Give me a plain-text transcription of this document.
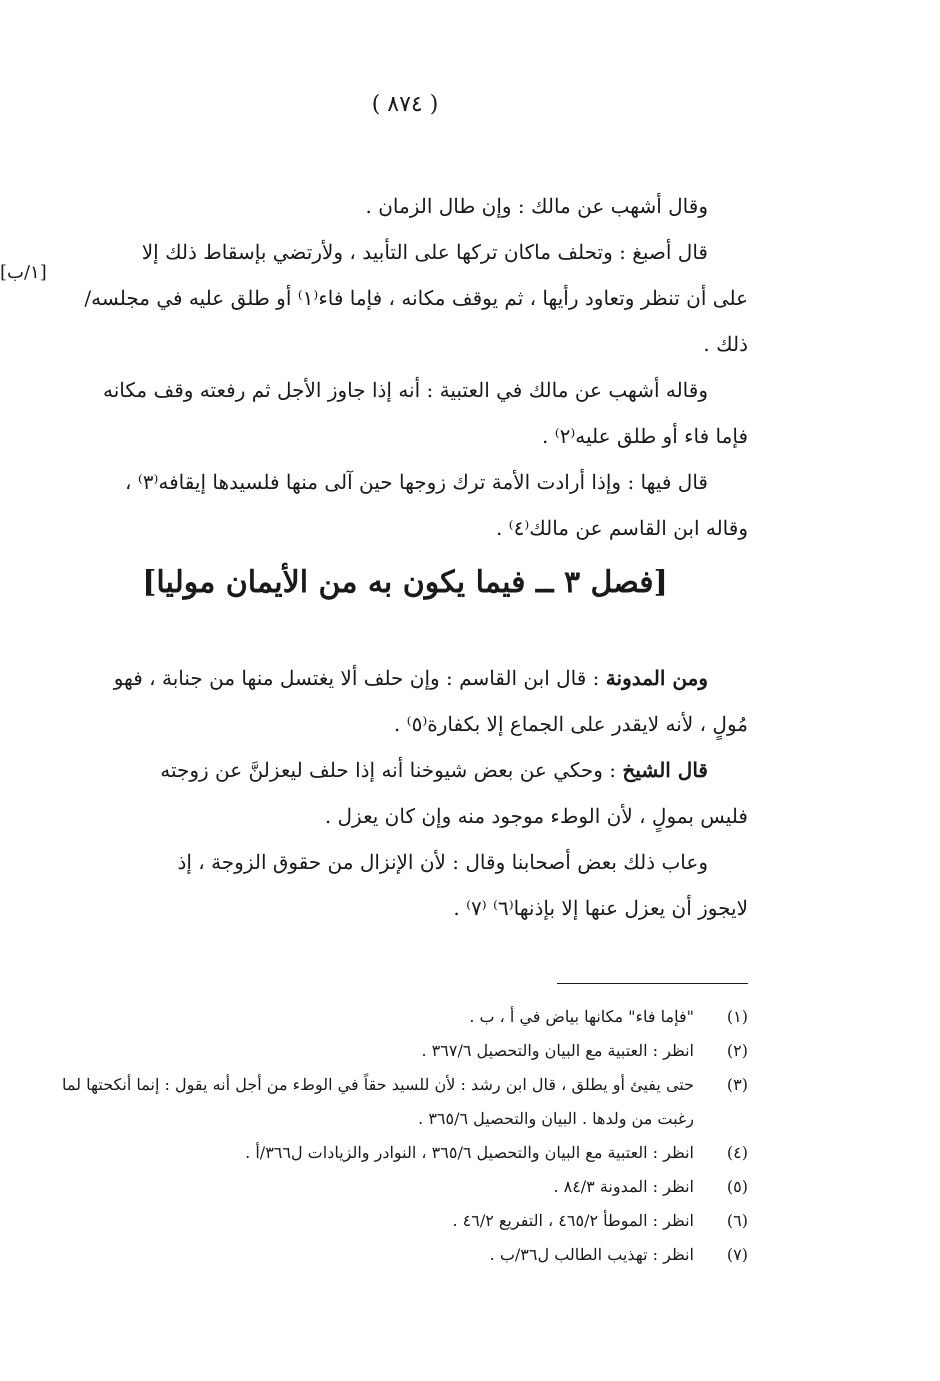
( ٨٧٤ )
[١/ب]
وقال أشهب عن مالك : وإن طال الزمان .
قال أصبغ : وتحلف ماكان تركها على التأبيد ، ولأرتضي بإسقاط ذلك إلا
على أن تنظر وتعاود رأيها ، ثم يوقف مكانه ، فإما فاء⁽١⁾ أو طلق عليه في مجلسه/
ذلك .
وقاله أشهب عن مالك في العتبية : أنه إذا جاوز الأجل ثم رفعته وقف مكانه
فإما فاء أو طلق عليه⁽٢⁾ .
قال فيها : وإذا أرادت الأمة ترك زوجها حين آلى منها فلسيدها إيقافه⁽٣⁾ ،
وقاله ابن القاسم عن مالك⁽٤⁾ .
[فصل ٣ ــ فيما يكون به من الأيمان موليا]
ومن المدونة : قال ابن القاسم : وإن حلف ألا يغتسل منها من جنابة ، فهو
مُولٍ ، لأنه لايقدر على الجماع إلا بكفارة⁽٥⁾ .
قال الشيخ : وحكي عن بعض شيوخنا أنه إذا حلف ليعزلنَّ عن زوجته
فليس بمولٍ ، لأن الوطء موجود منه وإن كان يعزل .
وعاب ذلك بعض أصحابنا وقال : لأن الإنزال من حقوق الزوجة ، إذ
لايجوز أن يعزل عنها إلا بإذنها⁽٦⁾ ⁽٧⁾ .
(١)
"فإما فاء" مكانها بياض في أ ، ب .
(٢)
انظر : العتبية مع البيان والتحصيل ٣٦٧/٦ .
(٣)
حتى يفيئ أو يطلق ، قال ابن رشد : لأن للسيد حقاً في الوطء من أجل أنه يقول : إنما أنكحتها لما رغبت من ولدها . البيان والتحصيل ٣٦٥/٦ .
(٤)
انظر : العتبية مع البيان والتحصيل ٣٦٥/٦ ، النوادر والزيادات ل٣٦٦/أ .
(٥)
انظر : المدونة ٨٤/٣ .
(٦)
انظر : الموطأ ٤٦٥/٢ ، التفريع ٤٦/٢ .
(٧)
انظر : تهذيب الطالب ل٣٦/ب .
